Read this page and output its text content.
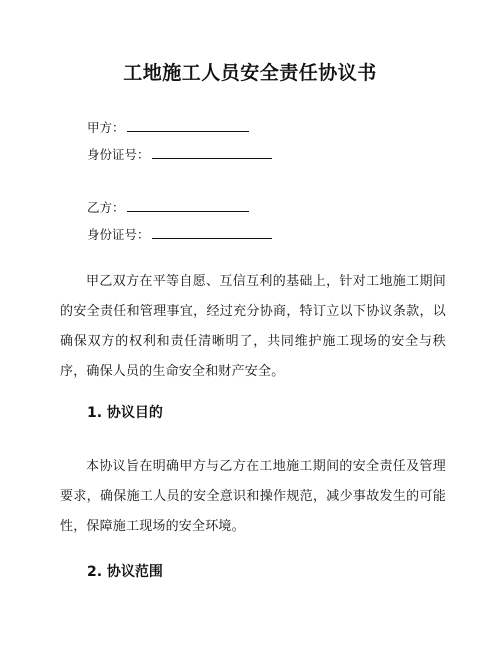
工地施工人员安全责任协议书
甲方：
身份证号：
乙方：
身份证号：
甲乙双方在平等自愿、互信互利的基础上，针对工地施工期间的安全责任和管理事宜，经过充分协商，特订立以下协议条款，以确保双方的权利和责任清晰明了，共同维护施工现场的安全与秩序，确保人员的生命安全和财产安全。
1. 协议目的
本协议旨在明确甲方与乙方在工地施工期间的安全责任及管理要求，确保施工人员的安全意识和操作规范，减少事故发生的可能性，保障施工现场的安全环境。
2. 协议范围
